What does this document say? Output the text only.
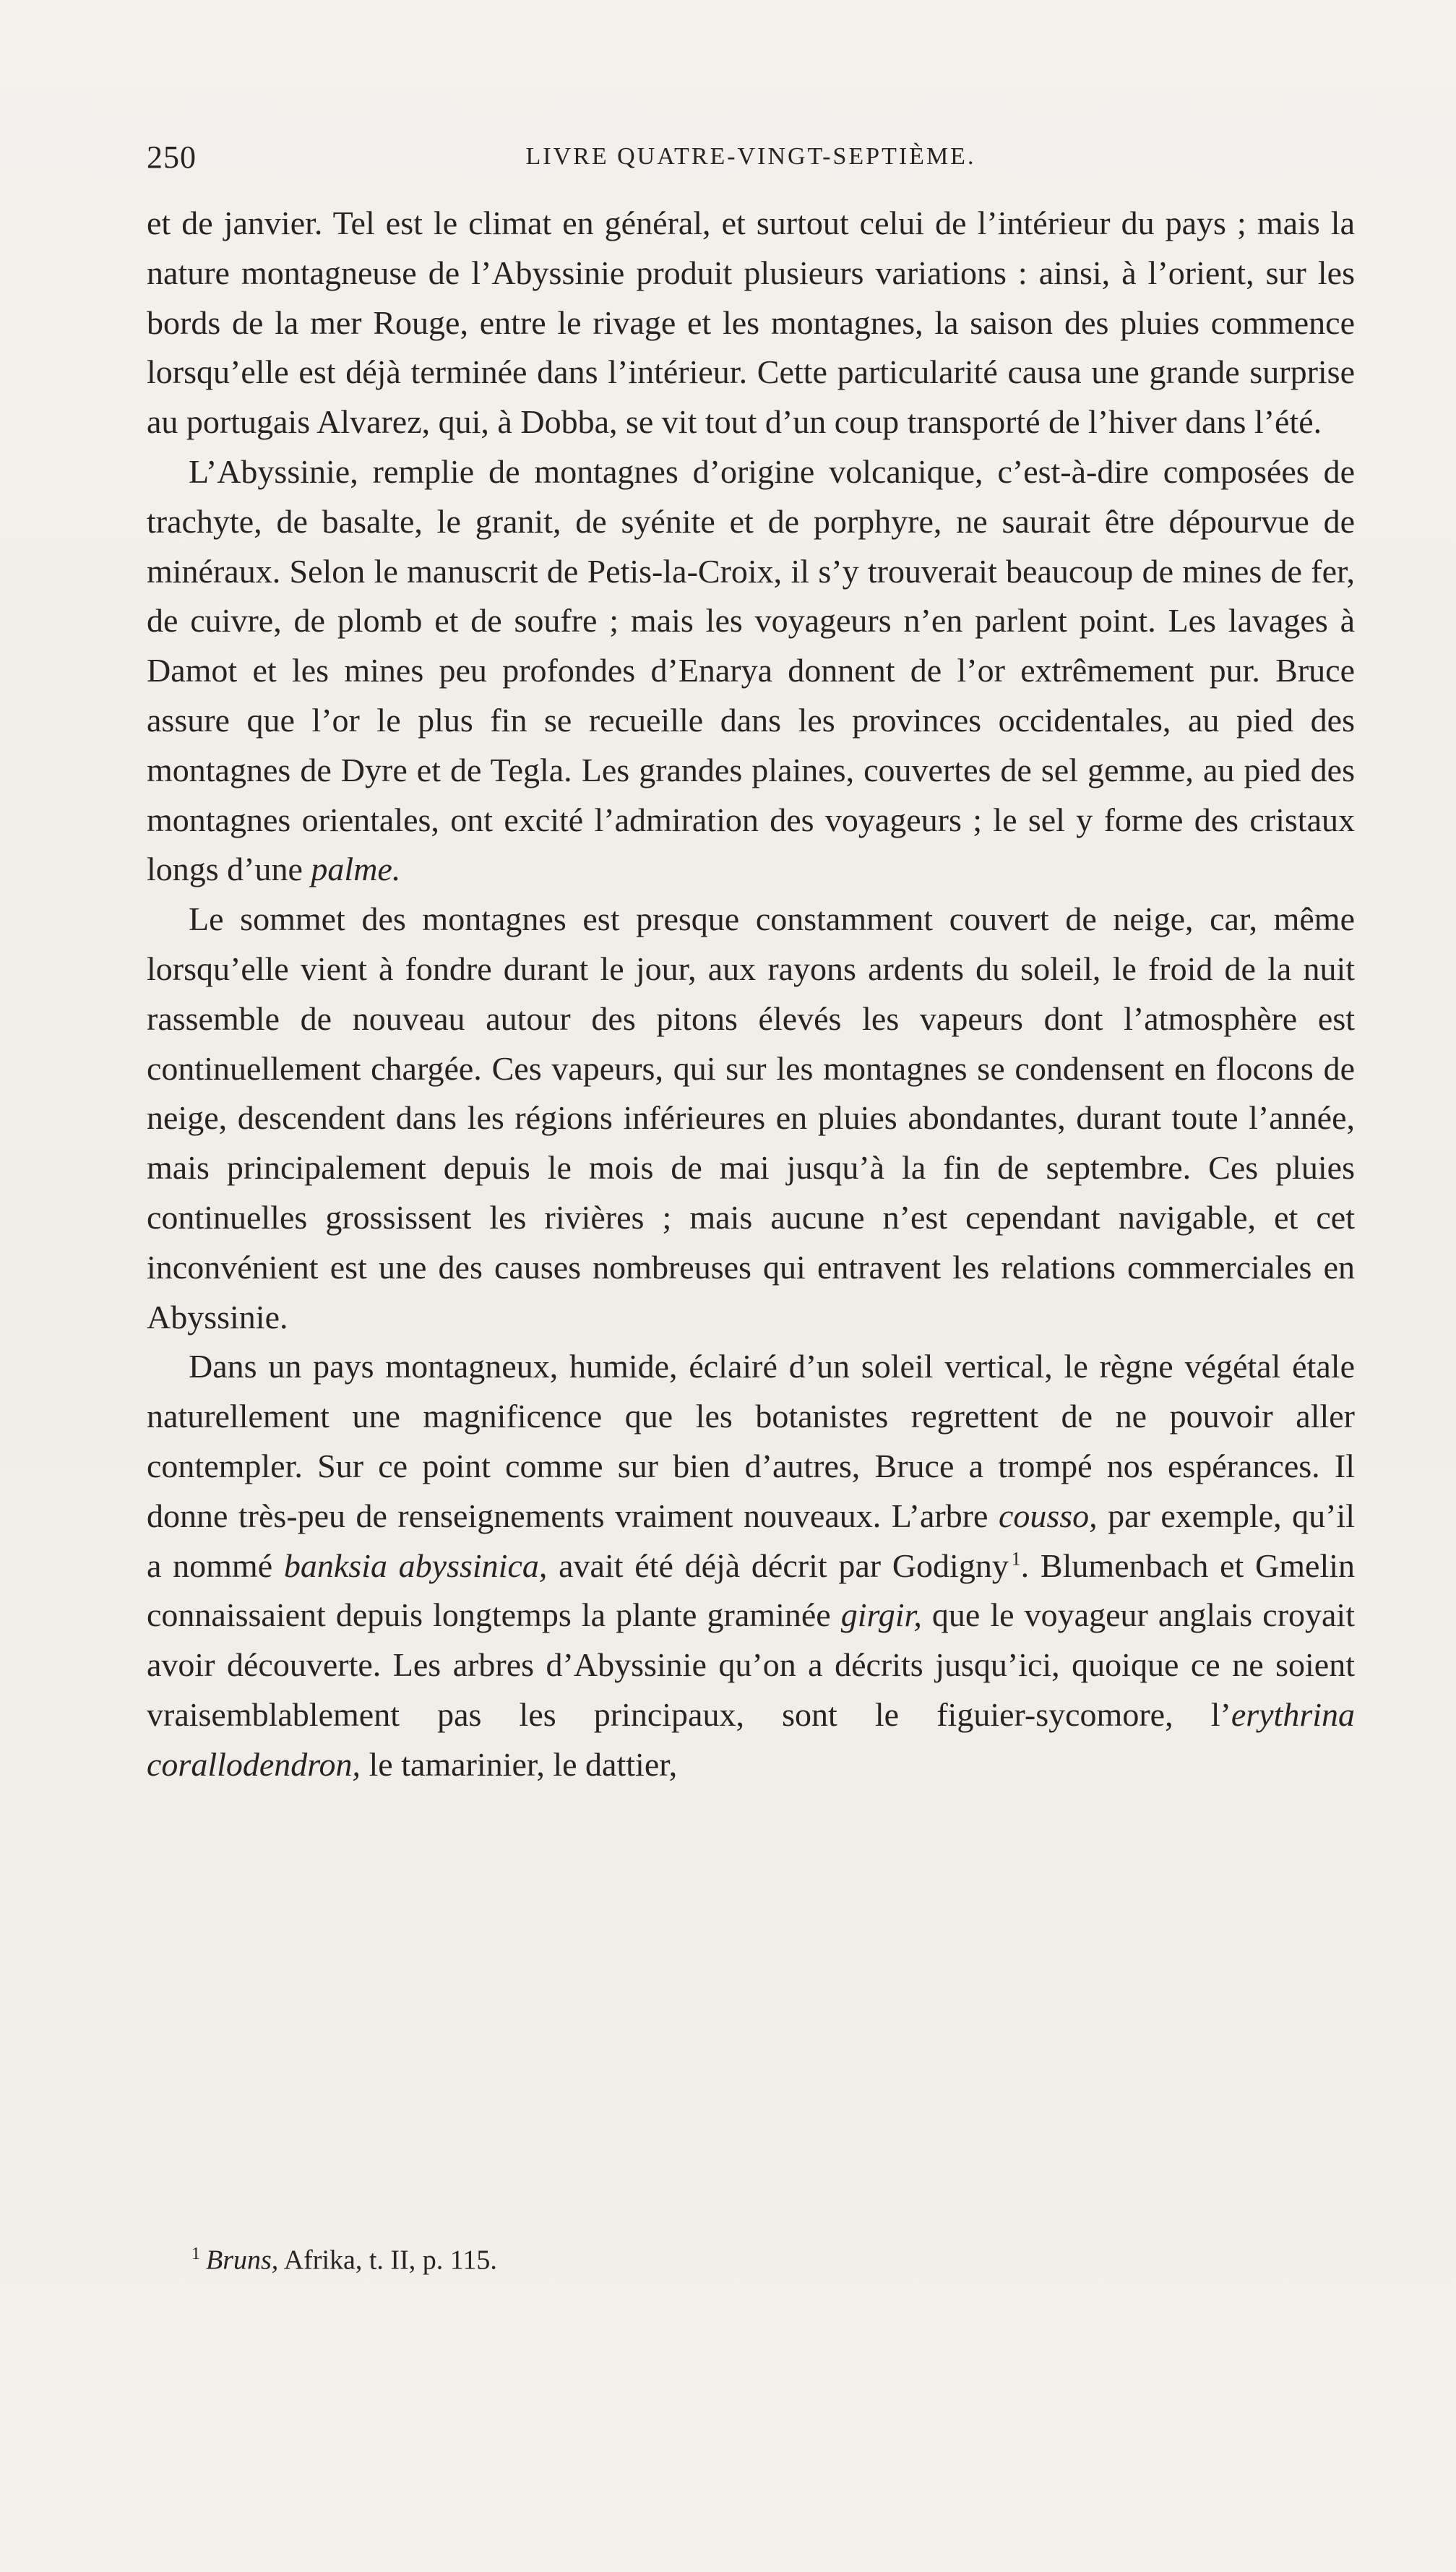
250	LIVRE QUATRE-VINGT-SEPTIÈME.

et de janvier. Tel est le climat en général, et surtout celui de l’intérieur du pays ; mais la nature montagneuse de l’Abyssinie produit plusieurs variations : ainsi, à l’orient, sur les bords de la mer Rouge, entre le rivage et les montagnes, la saison des pluies commence lorsqu’elle est déjà terminée dans l’intérieur. Cette particularité causa une grande surprise au portugais Alvarez, qui, à Dobba, se vit tout d’un coup transporté de l’hiver dans l’été.

L’Abyssinie, remplie de montagnes d’origine volcanique, c’est-à-dire composées de trachyte, de basalte, le granit, de syénite et de porphyre, ne saurait être dépourvue de minéraux. Selon le manuscrit de Petis-la-Croix, il s’y trouverait beaucoup de mines de fer, de cuivre, de plomb et de soufre ; mais les voyageurs n’en parlent point. Les lavages à Damot et les mines peu profondes d’Enarya donnent de l’or extrêmement pur. Bruce assure que l’or le plus fin se recueille dans les provinces occidentales, au pied des montagnes de Dyre et de Tegla. Les grandes plaines, couvertes de sel gemme, au pied des montagnes orientales, ont excité l’admiration des voyageurs ; le sel y forme des cristaux longs d’une palme.

Le sommet des montagnes est presque constamment couvert de neige, car, même lorsqu’elle vient à fondre durant le jour, aux rayons ardents du soleil, le froid de la nuit rassemble de nouveau autour des pitons élevés les vapeurs dont l’atmosphère est continuellement chargée. Ces vapeurs, qui sur les montagnes se condensent en flocons de neige, descendent dans les régions inférieures en pluies abondantes, durant toute l’année, mais principalement depuis le mois de mai jusqu’à la fin de septembre. Ces pluies continuelles grossissent les rivières ; mais aucune n’est cependant navigable, et cet inconvénient est une des causes nombreuses qui entravent les relations commerciales en Abyssinie.

Dans un pays montagneux, humide, éclairé d’un soleil vertical, le règne végétal étale naturellement une magnificence que les botanistes regrettent de ne pouvoir aller contempler. Sur ce point comme sur bien d’autres, Bruce a trompé nos espérances. Il donne très-peu de renseignements vraiment nouveaux. L’arbre cousso, par exemple, qu’il a nommé banksia abyssinica, avait été déjà décrit par Godigny  $^1$. Blumenbach et Gmelin connaissaient depuis longtemps la plante graminée girgir, que le voyageur anglais croyait avoir découverte. Les arbres d’Abyssinie qu’on a décrits jusqu’ici, quoique ce ne soient vraisemblablement pas les principaux, sont le figuier-sycomore, l’erythrina corallodendron, le tamarinier, le dattier,

$^1$ Bruns, Afrika, t. II, p. 115.
